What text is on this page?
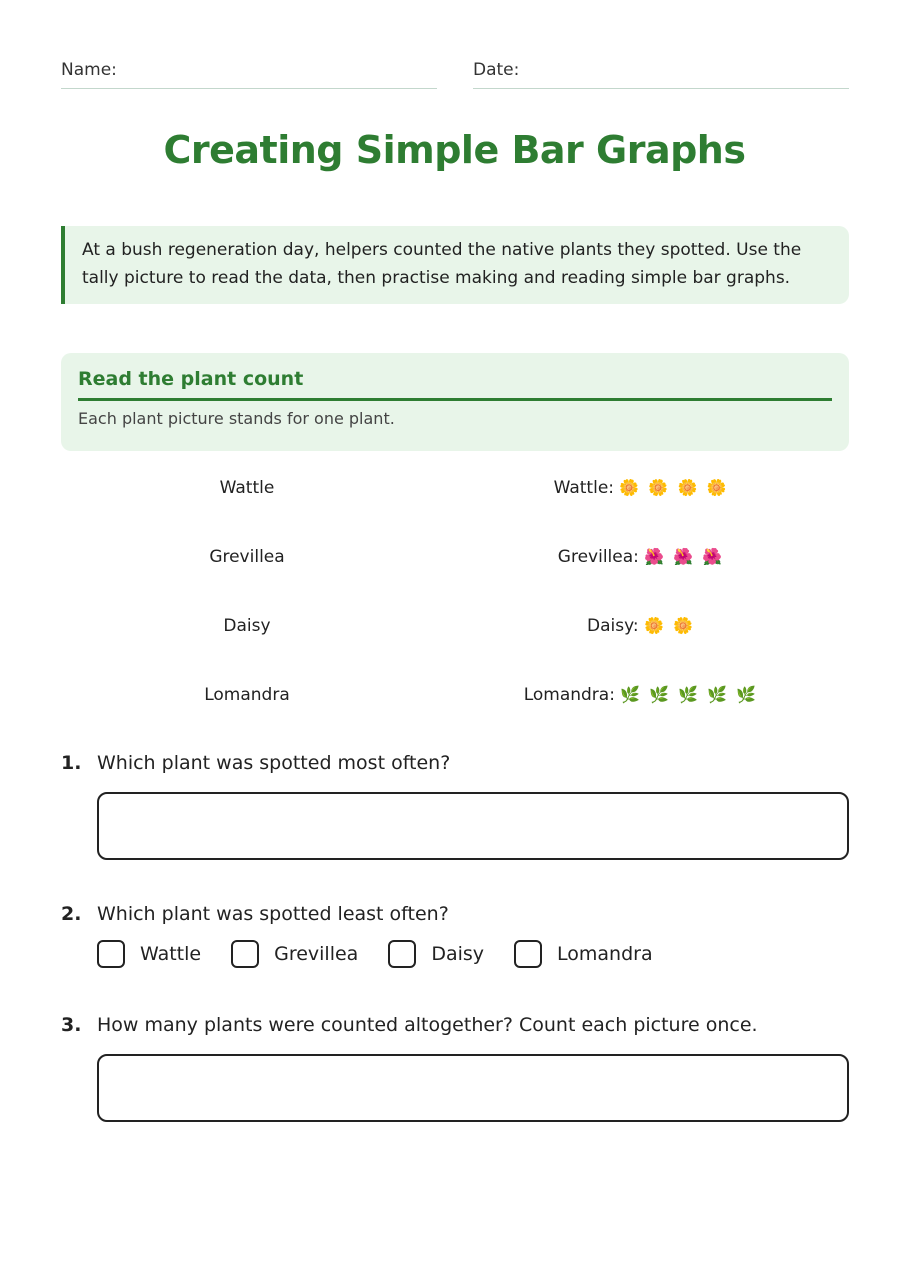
Name:	Date:
Creating Simple Bar Graphs
At a bush regeneration day, helpers counted the native plants they spotted. Use the tally picture to read the data, then practise making and reading simple bar graphs.
Read the plant count
Each plant picture stands for one plant.
Wattle	Wattle: 🌼 🌼 🌼 🌼
Grevillea	Grevillea: 🌺 🌺 🌺
Daisy	Daisy: 🌼 🌼
Lomandra	Lomandra: 🌿 🌿 🌿 🌿 🌿
1. Which plant was spotted most often?
2. Which plant was spotted least often?
Wattle	Grevillea	Daisy	Lomandra
3. How many plants were counted altogether? Count each picture once.
